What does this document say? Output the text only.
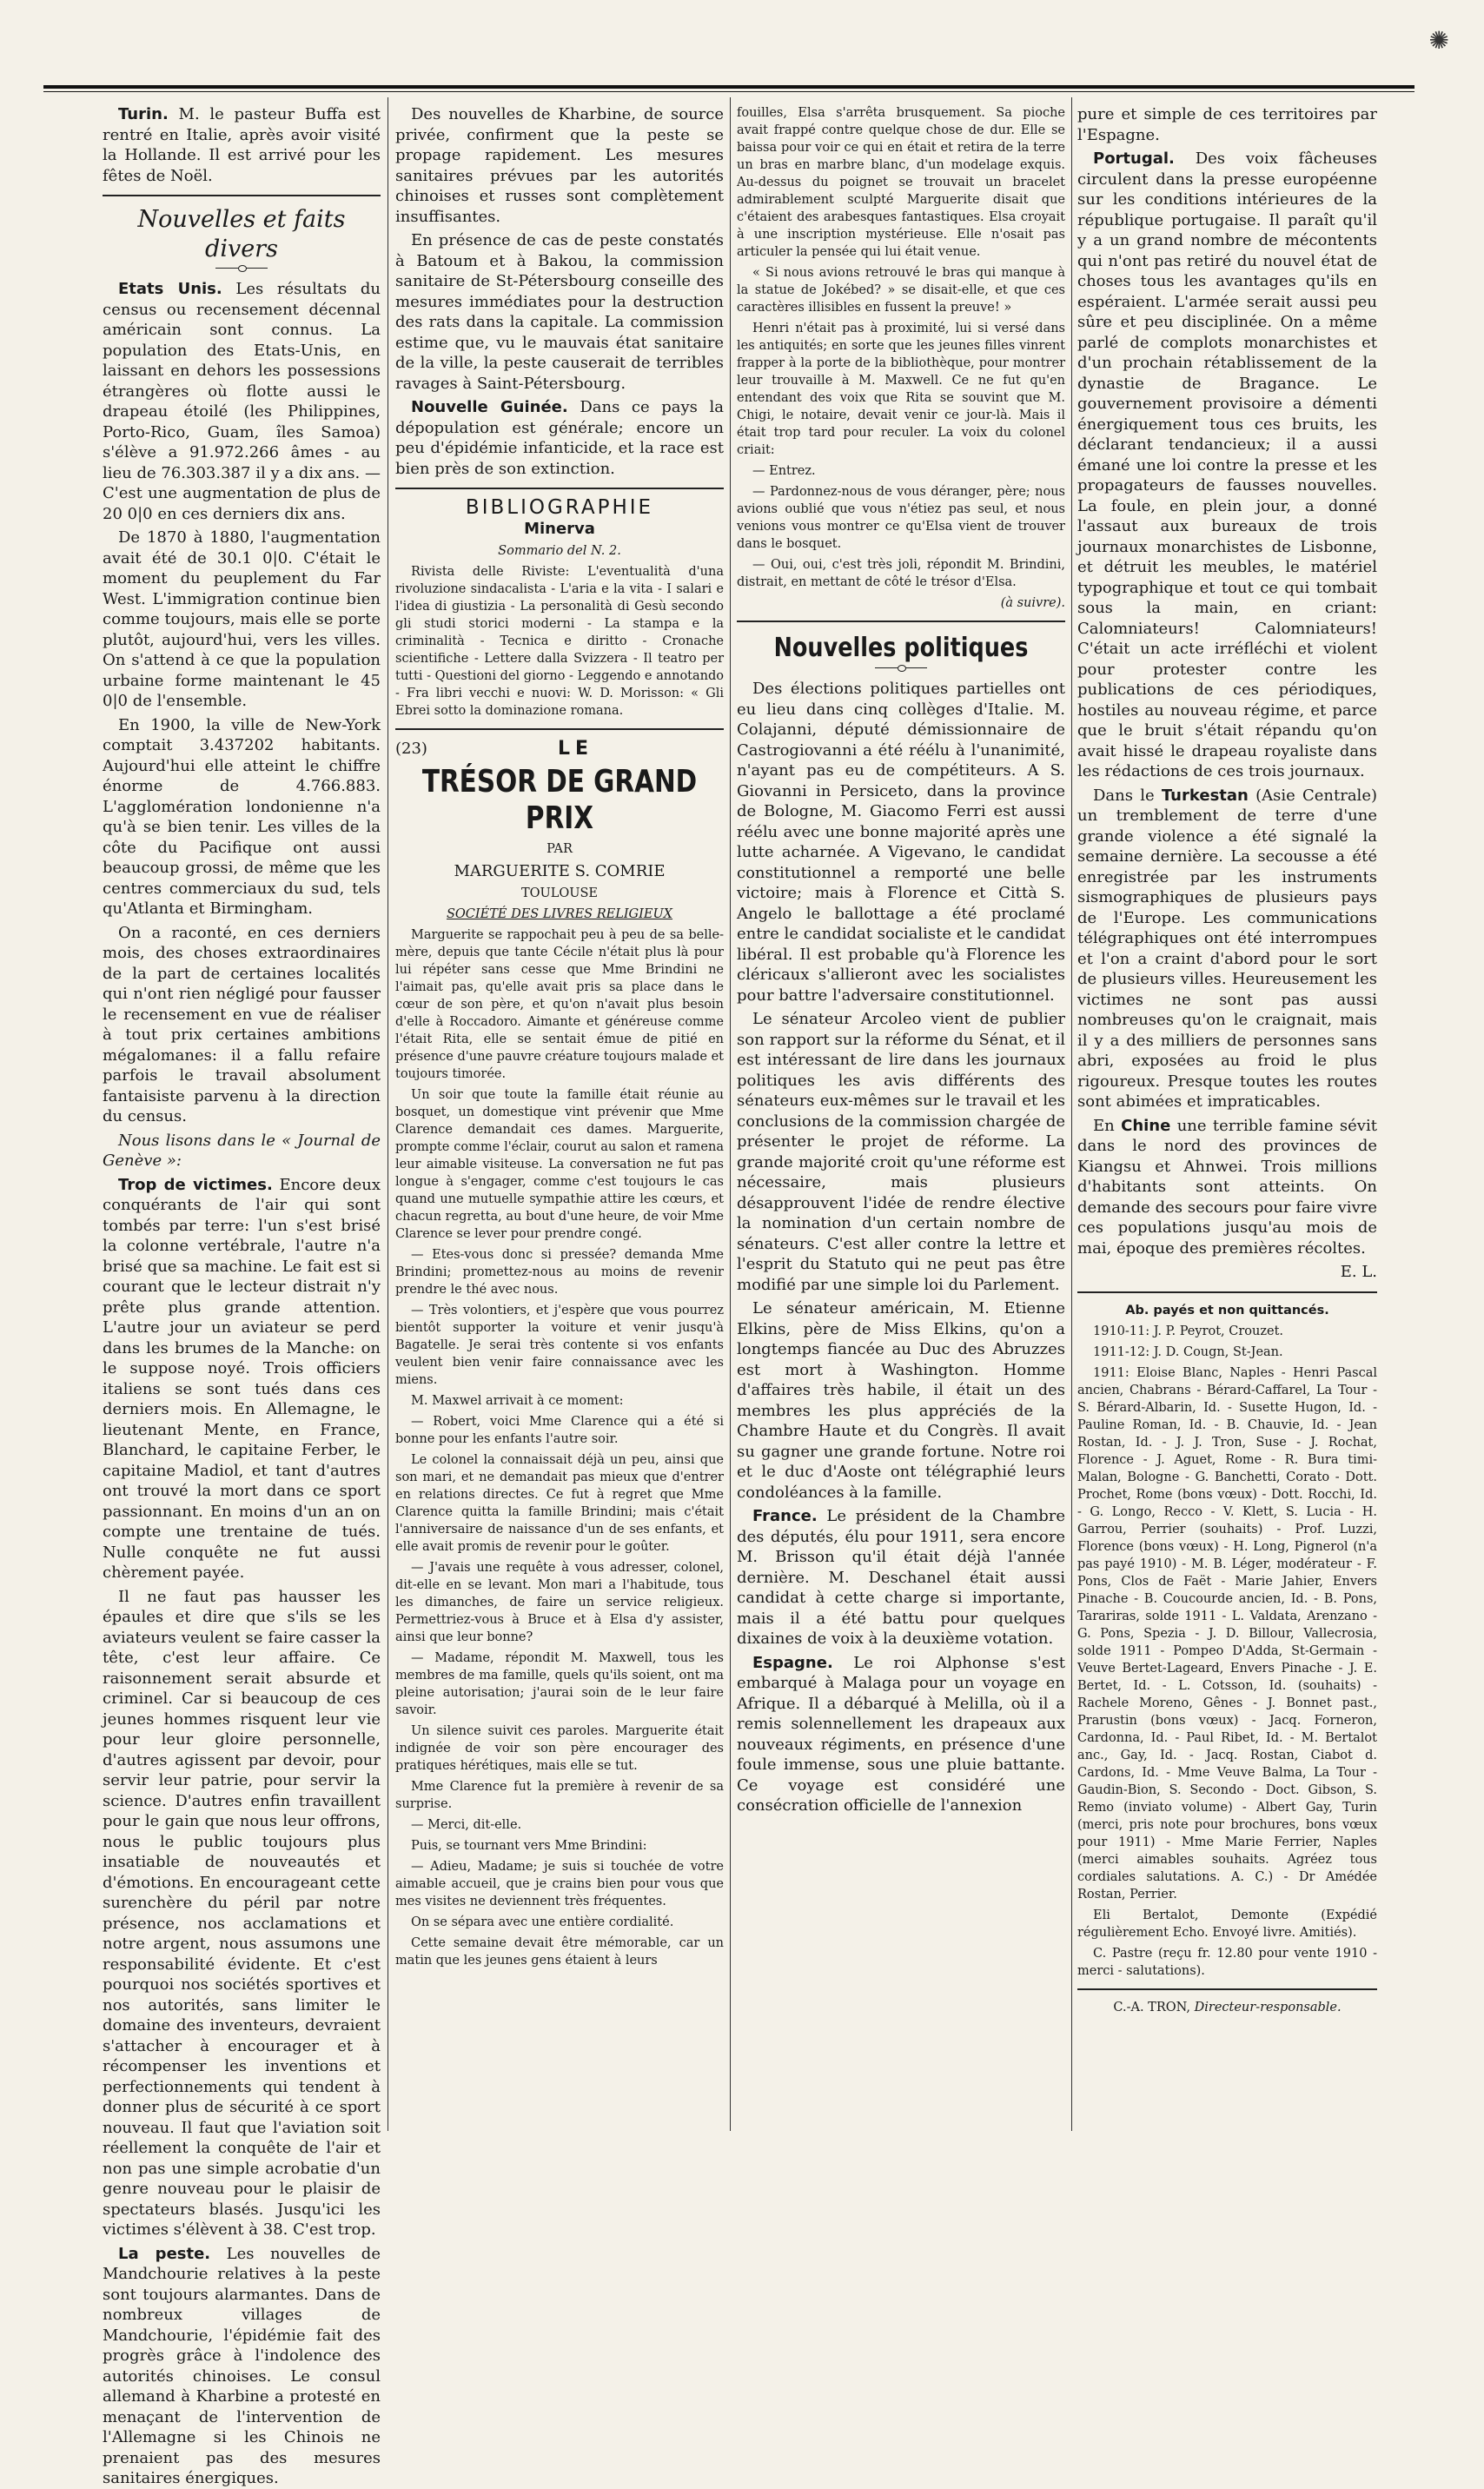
✺

Turin. M. le pasteur Buffa est rentré en Italie, après avoir visité la Hollande. Il est arrivé pour les fêtes de Noël.

Nouvelles et faits divers

Etats Unis. Les résultats du census ou recensement décennal américain sont connus. La population des Etats-Unis, en laissant en dehors les possessions étrangères où flotte aussi le drapeau étoilé (les Philippines, Porto-Rico, Guam, îles Samoa) s'élève a 91.972.266 âmes - au lieu de 76.303.387 il y a dix ans. — C'est une augmentation de plus de 20 0|0 en ces derniers dix ans.

De 1870 à 1880, l'augmentation avait été de 30.1 0|0. C'était le moment du peuplement du Far West. L'immigration continue bien comme toujours, mais elle se porte plutôt, aujourd'hui, vers les villes. On s'attend à ce que la population urbaine forme maintenant le 45 0|0 de l'ensemble.

En 1900, la ville de New-York comptait 3.437202 habitants. Aujourd'hui elle atteint le chiffre énorme de 4.766.883. L'agglomération londonienne n'a qu'à se bien tenir. Les villes de la côte du Pacifique ont aussi beaucoup grossi, de même que les centres commerciaux du sud, tels qu'Atlanta et Birmingham.

On a raconté, en ces derniers mois, des choses extraordinaires de la part de certaines localités qui n'ont rien négligé pour fausser le recensement en vue de réaliser à tout prix certaines ambitions mégalomanes: il a fallu refaire parfois le travail absolument fantaisiste parvenu à la direction du census.

Nous lisons dans le « Journal de Genève »:

Trop de victimes. Encore deux conquérants de l'air qui sont tombés par terre: l'un s'est brisé la colonne vertébrale, l'autre n'a brisé que sa machine. Le fait est si courant que le lecteur distrait n'y prête plus grande attention. L'autre jour un aviateur se perd dans les brumes de la Manche: on le suppose noyé. Trois officiers italiens se sont tués dans ces derniers mois. En Allemagne, le lieutenant Mente, en France, Blanchard, le capitaine Ferber, le capitaine Madiol, et tant d'autres ont trouvé la mort dans ce sport passionnant. En moins d'un an on compte une trentaine de tués. Nulle conquête ne fut aussi chèrement payée.

Il ne faut pas hausser les épaules et dire que s'ils se les aviateurs veulent se faire casser la tête, c'est leur affaire. Ce raisonnement serait absurde et criminel. Car si beaucoup de ces jeunes hommes risquent leur vie pour leur gloire personnelle, d'autres agissent par devoir, pour servir leur patrie, pour servir la science. D'autres enfin travaillent pour le gain que nous leur offrons, nous le public toujours plus insatiable de nouveautés et d'émotions. En encourageant cette surenchère du péril par notre présence, nos acclamations et notre argent, nous assumons une responsabilité évidente. Et c'est pourquoi nos sociétés sportives et nos autorités, sans limiter le domaine des inventeurs, devraient s'attacher à encourager et à récompenser les inventions et perfectionnements qui tendent à donner plus de sécurité à ce sport nouveau. Il faut que l'aviation soit réellement la conquête de l'air et non pas une simple acrobatie d'un genre nouveau pour le plaisir de spectateurs blasés. Jusqu'ici les victimes s'élèvent à 38. C'est trop.

La peste. Les nouvelles de Mandchourie relatives à la peste sont toujours alarmantes. Dans de nombreux villages de Mandchourie, l'épidémie fait des progrès grâce à l'indolence des autorités chinoises. Le consul allemand à Kharbine a protesté en menaçant de l'intervention de l'Allemagne si les Chinois ne prenaient pas des mesures sanitaires énergiques.

Des nouvelles de Kharbine, de source privée, confirment que la peste se propage rapidement. Les mesures sanitaires prévues par les autorités chinoises et russes sont complètement insuffisantes.

En présence de cas de peste constatés à Batoum et à Bakou, la commission sanitaire de St-Pétersbourg conseille des mesures immédiates pour la destruction des rats dans la capitale. La commission estime que, vu le mauvais état sanitaire de la ville, la peste causerait de terribles ravages à Saint-Pétersbourg.

Nouvelle Guinée. Dans ce pays la dépopulation est générale; encore un peu d'épidémie infanticide, et la race est bien près de son extinction.

BIBLIOGRAPHIE

Minerva

Sommario del N. 2.

Rivista delle Riviste: L'eventualità d'una rivoluzione sindacalista - L'aria e la vita - I salari e l'idea di giustizia - La personalità di Gesù secondo gli studi storici moderni - La stampa e la criminalità - Tecnica e diritto - Cronache scientifiche - Lettere dalla Svizzera - Il teatro per tutti - Questioni del giorno - Leggendo e annotando - Fra libri vecchi e nuovi: W. D. Morisson: « Gli Ebrei sotto la dominazione romana.

(23)	LE

TRÉSOR DE GRAND PRIX

PAR

MARGUERITE S. COMRIE

TOULOUSE

SOCIÉTÉ DES LIVRES RELIGIEUX

Marguerite se rappochait peu à peu de sa belle-mère, depuis que tante Cécile n'était plus là pour lui répéter sans cesse que Mme Brindini ne l'aimait pas, qu'elle avait pris sa place dans le cœur de son père, et qu'on n'avait plus besoin d'elle à Roccadoro. Aimante et généreuse comme l'était Rita, elle se sentait émue de pitié en présence d'une pauvre créature toujours malade et toujours timorée.

Un soir que toute la famille était réunie au bosquet, un domestique vint prévenir que Mme Clarence demandait ces dames. Marguerite, prompte comme l'éclair, courut au salon et ramena leur aimable visiteuse. La conversation ne fut pas longue à s'engager, comme c'est toujours le cas quand une mutuelle sympathie attire les cœurs, et chacun regretta, au bout d'une heure, de voir Mme Clarence se lever pour prendre congé.

— Etes-vous donc si pressée? demanda Mme Brindini; promettez-nous au moins de revenir prendre le thé avec nous.

— Très volontiers, et j'espère que vous pourrez bientôt supporter la voiture et venir jusqu'à Bagatelle. Je serai très contente si vos enfants veulent bien venir faire connaissance avec les miens.

M. Maxwel arrivait à ce moment:

— Robert, voici Mme Clarence qui a été si bonne pour les enfants l'autre soir.

Le colonel la connaissait déjà un peu, ainsi que son mari, et ne demandait pas mieux que d'entrer en relations directes. Ce fut à regret que Mme Clarence quitta la famille Brindini; mais c'était l'anniversaire de naissance d'un de ses enfants, et elle avait promis de revenir pour le goûter.

— J'avais une requête à vous adresser, colonel, dit-elle en se levant. Mon mari a l'habitude, tous les dimanches, de faire un service religieux. Permettriez-vous à Bruce et à Elsa d'y assister, ainsi que leur bonne?

— Madame, répondit M. Maxwell, tous les membres de ma famille, quels qu'ils soient, ont ma pleine autorisation; j'aurai soin de le leur faire savoir.

Un silence suivit ces paroles. Marguerite était indignée de voir son père encourager des pratiques hérétiques, mais elle se tut.

Mme Clarence fut la première à revenir de sa surprise.

— Merci, dit-elle.

Puis, se tournant vers Mme Brindini:

— Adieu, Madame; je suis si touchée de votre aimable accueil, que je crains bien pour vous que mes visites ne deviennent très fréquentes.

On se sépara avec une entière cordialité.

Cette semaine devait être mémorable, car un matin que les jeunes gens étaient à leurs

fouilles, Elsa s'arrêta brusquement. Sa pioche avait frappé contre quelque chose de dur. Elle se baissa pour voir ce qui en était et retira de la terre un bras en marbre blanc, d'un modelage exquis. Au-dessus du poignet se trouvait un bracelet admirablement sculpté Marguerite disait que c'étaient des arabesques fantastiques. Elsa croyait à une inscription mystérieuse. Elle n'osait pas articuler la pensée qui lui était venue.

« Si nous avions retrouvé le bras qui manque à la statue de Jokébed? » se disait-elle, et que ces caractères illisibles en fussent la preuve! »

Henri n'était pas à proximité, lui si versé dans les antiquités; en sorte que les jeunes filles vinrent frapper à la porte de la bibliothèque, pour montrer leur trouvaille à M. Maxwell. Ce ne fut qu'en entendant des voix que Rita se souvint que M. Chigi, le notaire, devait venir ce jour-là. Mais il était trop tard pour reculer. La voix du colonel criait:

— Entrez.

— Pardonnez-nous de vous déranger, père; nous avions oublié que vous n'étiez pas seul, et nous venions vous montrer ce qu'Elsa vient de trouver dans le bosquet.

— Oui, oui, c'est très joli, répondit M. Brindini, distrait, en mettant de côté le trésor d'Elsa.

(à suivre).

Nouvelles politiques

Des élections politiques partielles ont eu lieu dans cinq collèges d'Italie. M. Colajanni, député démissionnaire de Castrogiovanni a été réélu à l'unanimité, n'ayant pas eu de compétiteurs. A S. Giovanni in Persiceto, dans la province de Bologne, M. Giacomo Ferri est aussi réélu avec une bonne majorité après une lutte acharnée. A Vigevano, le candidat constitutionnel a remporté une belle victoire; mais à Florence et Città S. Angelo le ballottage a été proclamé entre le candidat socialiste et le candidat libéral. Il est probable qu'à Florence les cléricaux s'allieront avec les socialistes pour battre l'adversaire constitutionnel.

Le sénateur Arcoleo vient de publier son rapport sur la réforme du Sénat, et il est intéressant de lire dans les journaux politiques les avis différents des sénateurs eux-mêmes sur le travail et les conclusions de la commission chargée de présenter le projet de réforme. La grande majorité croit qu'une réforme est nécessaire, mais plusieurs désapprouvent l'idée de rendre élective la nomination d'un certain nombre de sénateurs. C'est aller contre la lettre et l'esprit du Statuto qui ne peut pas être modifié par une simple loi du Parlement.

Le sénateur américain, M. Etienne Elkins, père de Miss Elkins, qu'on a longtemps fiancée au Duc des Abruzzes est mort à Washington. Homme d'affaires très habile, il était un des membres les plus appréciés de la Chambre Haute et du Congrès. Il avait su gagner une grande fortune. Notre roi et le duc d'Aoste ont télégraphié leurs condoléances à la famille.

France. Le président de la Chambre des députés, élu pour 1911, sera encore M. Brisson qu'il était déjà l'année dernière. M. Deschanel était aussi candidat à cette charge si importante, mais il a été battu pour quelques dixaines de voix à la deuxième votation.

Espagne. Le roi Alphonse s'est embarqué à Malaga pour un voyage en Afrique. Il a débarqué à Melilla, où il a remis solennellement les drapeaux aux nouveaux régiments, en présence d'une foule immense, sous une pluie battante. Ce voyage est considéré une consécration officielle de l'annexion

pure et simple de ces territoires par l'Espagne.

Portugal. Des voix fâcheuses circulent dans la presse européenne sur les conditions intérieures de la république portugaise. Il paraît qu'il y a un grand nombre de mécontents qui n'ont pas retiré du nouvel état de choses tous les avantages qu'ils en espéraient. L'armée serait aussi peu sûre et peu disciplinée. On a même parlé de complots monarchistes et d'un prochain rétablissement de la dynastie de Bragance. Le gouvernement provisoire a démenti énergiquement tous ces bruits, les déclarant tendancieux; il a aussi émané une loi contre la presse et les propagateurs de fausses nouvelles. La foule, en plein jour, a donné l'assaut aux bureaux de trois journaux monarchistes de Lisbonne, et détruit les meubles, le matériel typographique et tout ce qui tombait sous la main, en criant: Calomniateurs! Calomniateurs! C'était un acte irréfléchi et violent pour protester contre les publications de ces périodiques, hostiles au nouveau régime, et parce que le bruit s'était répandu qu'on avait hissé le drapeau royaliste dans les rédactions de ces trois journaux.

Dans le Turkestan (Asie Centrale) un tremblement de terre d'une grande violence a été signalé la semaine dernière. La secousse a été enregistrée par les instruments sismographiques de plusieurs pays de l'Europe. Les communications télégraphiques ont été interrompues et l'on a craint d'abord pour le sort de plusieurs villes. Heureusement les victimes ne sont pas aussi nombreuses qu'on le craignait, mais il y a des milliers de personnes sans abri, exposées au froid le plus rigoureux. Presque toutes les routes sont abimées et impraticables.

En Chine une terrible famine sévit dans le nord des provinces de Kiangsu et Ahnwei. Trois millions d'habitants sont atteints. On demande des secours pour faire vivre ces populations jusqu'au mois de mai, époque des premières récoltes.

E. L.

Ab. payés et non quittancés.

1910-11: J. P. Peyrot, Crouzet.

1911-12: J. D. Cougn, St-Jean.

1911: Eloise Blanc, Naples - Henri Pascal ancien, Chabrans - Bérard-Caffarel, La Tour - S. Bérard-Albarin, Id. - Susette Hugon, Id. - Pauline Roman, Id. - B. Chauvie, Id. - Jean Rostan, Id. - J. J. Tron, Suse - J. Rochat, Florence - J. Aguet, Rome - R. Bura timi- Malan, Bologne - G. Banchetti, Corato - Dott. Prochet, Rome (bons vœux) - Dott. Rocchi, Id. - G. Longo, Recco - V. Klett, S. Lucia - H. Garrou, Perrier (souhaits) - Prof. Luzzi, Florence (bons vœux) - H. Long, Pignerol (n'a pas payé 1910) - M. B. Léger, modérateur - F. Pons, Clos de Faët - Marie Jahier, Envers Pinache - B. Coucourde ancien, Id. - B. Pons, Tarariras, solde 1911 - L. Valdata, Arenzano - G. Pons, Spezia - J. D. Billour, Vallecrosia, solde 1911 - Pompeo D'Adda, St-Germain - Veuve Bertet-Lageard, Envers Pinache - J. E. Bertet, Id. - L. Cotsson, Id. (souhaits) - Rachele Moreno, Gênes - J. Bonnet past., Prarustin (bons vœux) - Jacq. Forneron, Cardonna, Id. - Paul Ribet, Id. - M. Bertalot anc., Gay, Id. - Jacq. Rostan, Ciabot d. Cardons, Id. - Mme Veuve Balma, La Tour - Gaudin-Bion, S. Secondo - Doct. Gibson, S. Remo (inviato volume) - Albert Gay, Turin (merci, pris note pour brochures, bons vœux pour 1911) - Mme Marie Ferrier, Naples (merci aimables souhaits. Agréez tous cordiales salutations. A. C.) - Dr Amédée Rostan, Perrier.

Eli Bertalot, Demonte (Expédié régulièrement Echo. Envoyé livre. Amitiés).

C. Pastre (reçu fr. 12.80 pour vente 1910 - merci - salutations).

C.-A. TRON, Directeur-responsable.
